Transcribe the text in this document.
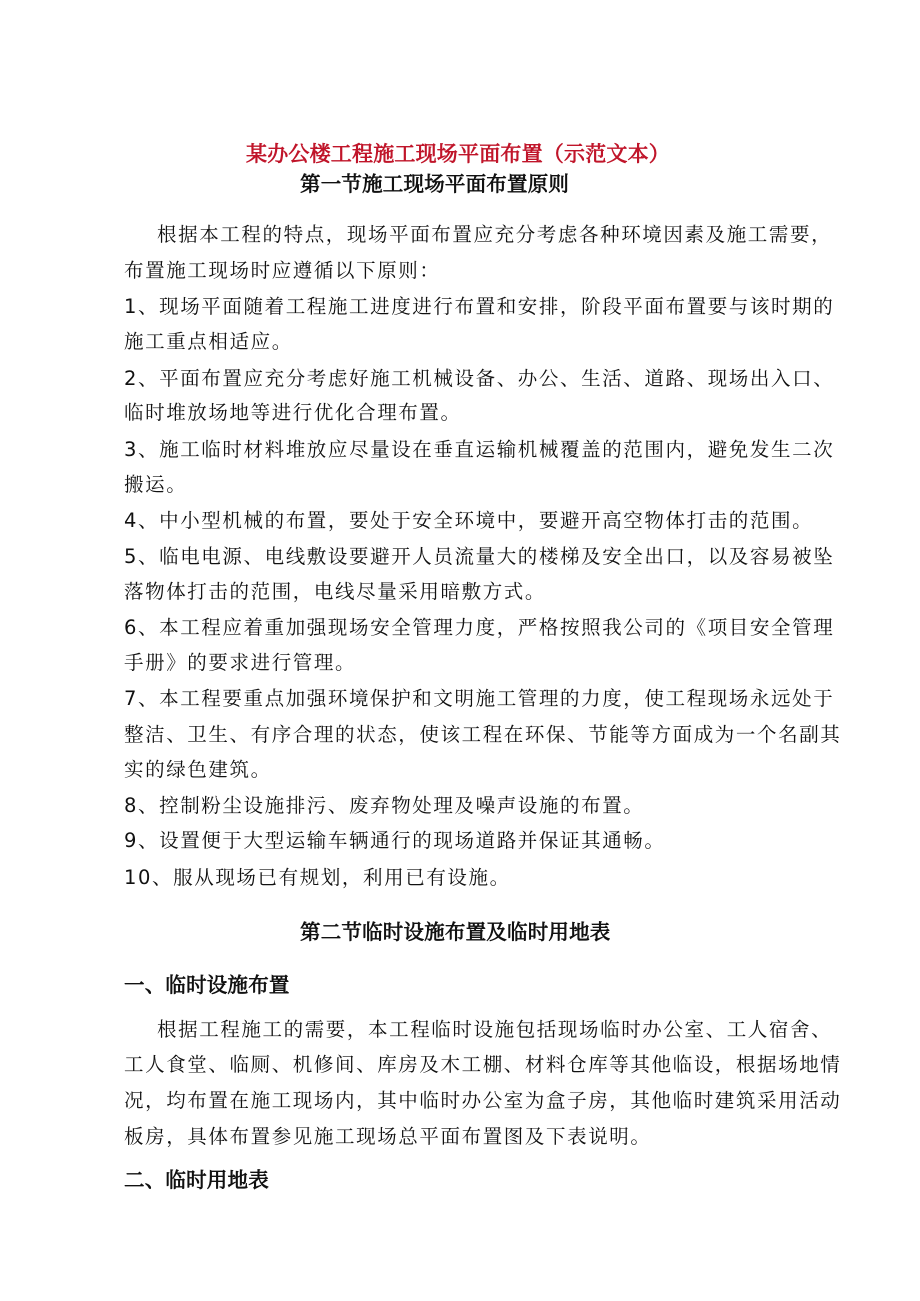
某办公楼工程施工现场平面布置（示范文本）
第一节施工现场平面布置原则
根据本工程的特点，现场平面布置应充分考虑各种环境因素及施工需要，
布置施工现场时应遵循以下原则：
1、现场平面随着工程施工进度进行布置和安排，阶段平面布置要与该时期的
施工重点相适应。
2、平面布置应充分考虑好施工机械设备、办公、生活、道路、现场出入口、
临时堆放场地等进行优化合理布置。
3、施工临时材料堆放应尽量设在垂直运输机械覆盖的范围内，避免发生二次
搬运。
4、中小型机械的布置，要处于安全环境中，要避开高空物体打击的范围。
5、临电电源、电线敷设要避开人员流量大的楼梯及安全出口，以及容易被坠
落物体打击的范围，电线尽量采用暗敷方式。
6、本工程应着重加强现场安全管理力度，严格按照我公司的《项目安全管理
手册》的要求进行管理。
7、本工程要重点加强环境保护和文明施工管理的力度，使工程现场永远处于
整洁、卫生、有序合理的状态，使该工程在环保、节能等方面成为一个名副其
实的绿色建筑。
8、控制粉尘设施排污、废弃物处理及噪声设施的布置。
9、设置便于大型运输车辆通行的现场道路并保证其通畅。
10、服从现场已有规划，利用已有设施。
第二节临时设施布置及临时用地表
一、临时设施布置
根据工程施工的需要，本工程临时设施包括现场临时办公室、工人宿舍、
工人食堂、临厕、机修间、库房及木工棚、材料仓库等其他临设，根据场地情
况，均布置在施工现场内，其中临时办公室为盒子房，其他临时建筑采用活动
板房，具体布置参见施工现场总平面布置图及下表说明。
二、临时用地表
